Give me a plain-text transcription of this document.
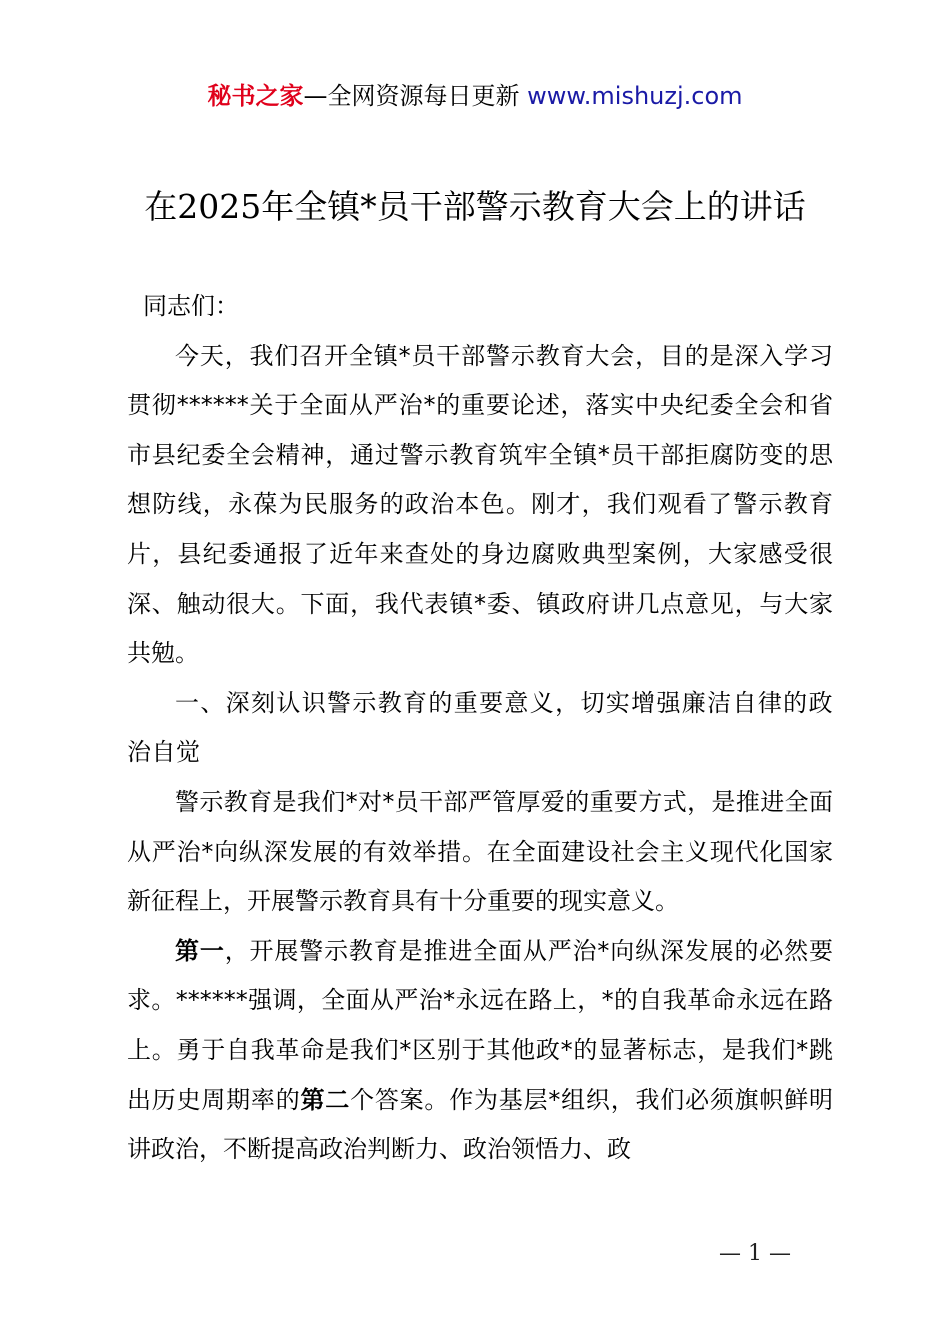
秘书之家—全网资源每日更新 www.mishuzj.com
在2025年全镇*员干部警示教育大会上的讲话

同志们：

今天，我们召开全镇*员干部警示教育大会，目的是深入学习贯彻******关于全面从严治*的重要论述，落实中央纪委全会和省市县纪委全会精神，通过警示教育筑牢全镇*员干部拒腐防变的思想防线，永葆为民服务的政治本色。刚才，我们观看了警示教育片，县纪委通报了近年来查处的身边腐败典型案例，大家感受很深、触动很大。下面，我代表镇*委、镇政府讲几点意见，与大家共勉。

一、深刻认识警示教育的重要意义，切实增强廉洁自律的政治自觉

警示教育是我们*对*员干部严管厚爱的重要方式，是推进全面从严治*向纵深发展的有效举措。在全面建设社会主义现代化国家新征程上，开展警示教育具有十分重要的现实意义。

第一，开展警示教育是推进全面从严治*向纵深发展的必然要求。******强调，全面从严治*永远在路上，*的自我革命永远在路上。勇于自我革命是我们*区别于其他政*的显著标志，是我们*跳出历史周期率的第二个答案。作为基层*组织，我们必须旗帜鲜明讲政治，不断提高政治判断力、政治领悟力、政

— 1 —
